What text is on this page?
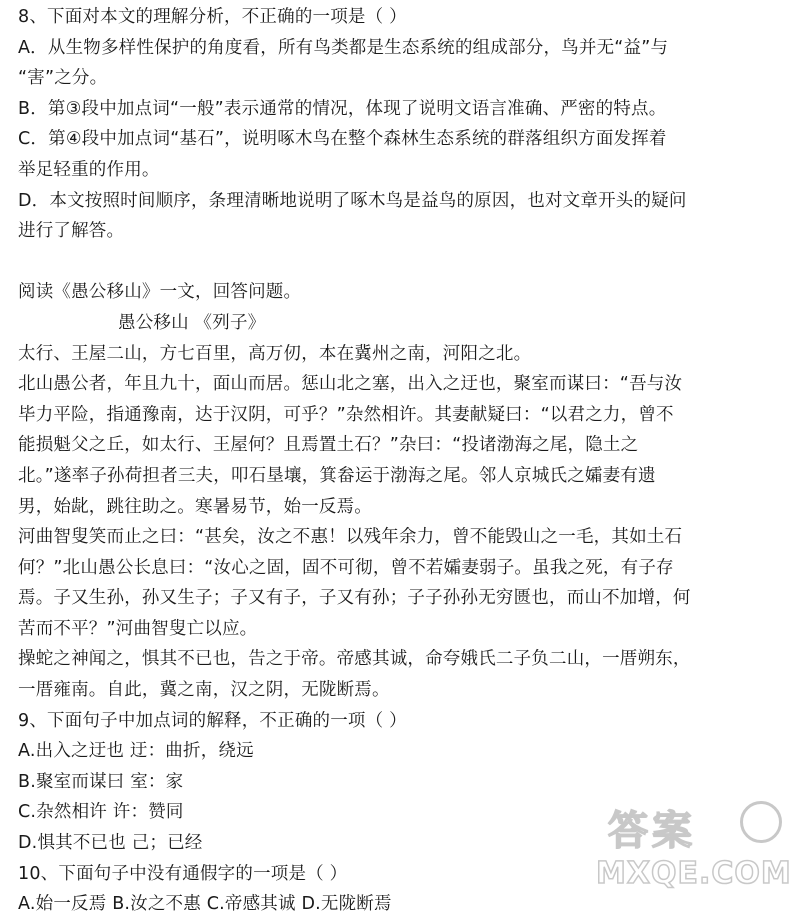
8、下面对本文的理解分析，不正确的一项是（ ）
A．从生物多样性保护的角度看，所有鸟类都是生态系统的组成部分，鸟并无“益”与
“害”之分。
B．第③段中加点词“一般”表示通常的情况，体现了说明文语言准确、严密的特点。
C．第④段中加点词“基石”，说明啄木鸟在整个森林生态系统的群落组织方面发挥着
举足轻重的作用。
D．本文按照时间顺序，条理清晰地说明了啄木鸟是益鸟的原因，也对文章开头的疑问
进行了解答。
阅读《愚公移山》一文，回答问题。
愚公移山 《列子》
太行、王屋二山，方七百里，高万仞，本在冀州之南，河阳之北。
北山愚公者，年且九十，面山而居。惩山北之塞，出入之迂也，聚室而谋曰：“吾与汝
毕力平险，指通豫南，达于汉阴，可乎？”杂然相许。其妻献疑曰：“以君之力，曾不
能损魁父之丘，如太行、王屋何？且焉置土石？”杂曰：“投诸渤海之尾，隐土之
北。”遂率子孙荷担者三夫，叩石垦壤，箕畚运于渤海之尾。邻人京城氏之孀妻有遗
男，始龀，跳往助之。寒暑易节，始一反焉。
河曲智叟笑而止之曰：“甚矣，汝之不惠！以残年余力，曾不能毁山之一毛，其如土石
何？”北山愚公长息曰：“汝心之固，固不可彻，曾不若孀妻弱子。虽我之死，有子存
焉。子又生孙，孙又生子；子又有子，子又有孙；子子孙孙无穷匮也，而山不加增，何
苦而不平？”河曲智叟亡以应。
操蛇之神闻之，惧其不已也，告之于帝。帝感其诚，命夸娥氏二子负二山，一厝朔东，
一厝雍南。自此，冀之南，汉之阴，无陇断焉。
9、下面句子中加点词的解释，不正确的一项（ ）
A.出入之迂也 迂：曲折，绕远
B.聚室而谋曰 室：家
C.杂然相许 许：赞同
D.惧其不已也 己；已经
10、下面句子中没有通假字的一项是（ ）
A.始一反焉 B.汝之不惠 C.帝感其诚 D.无陇断焉
答案
MXQE.COM
